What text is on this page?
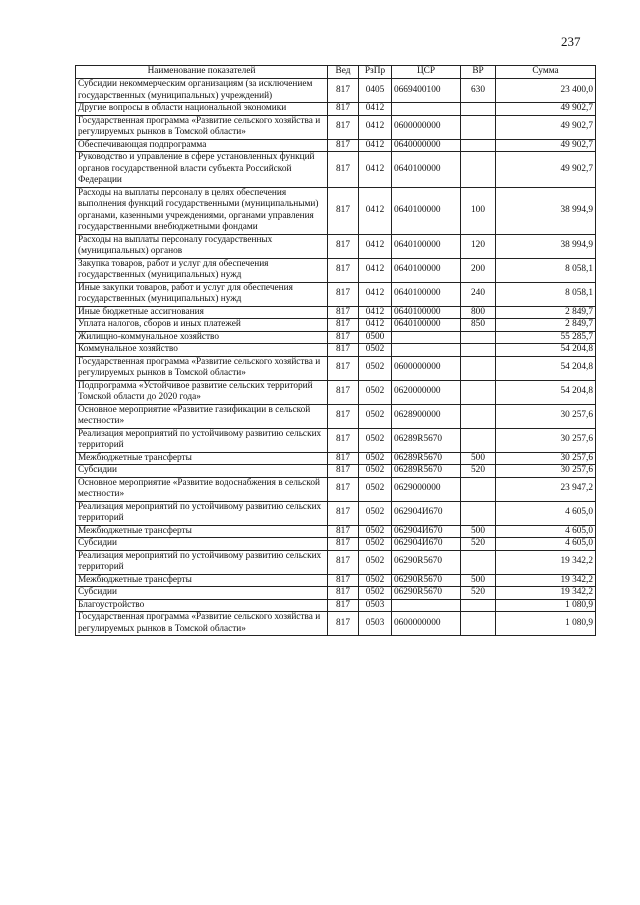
237
Наименование показателей	Вед	РзПр	ЦСР	ВР	Сумма
Субсидии некоммерческим организациям (за исключением государственных (муниципальных) учреждений)	817	0405	0669400100	630	23 400,0
Другие вопросы в области национальной экономики	817	0412			49 902,7
Государственная программа «Развитие сельского хозяйства и регулируемых рынков в Томской области»	817	0412	0600000000		49 902,7
Обеспечивающая подпрограмма	817	0412	0640000000		49 902,7
Руководство и управление в сфере установленных функций органов государственной власти субъекта Российской Федерации	817	0412	0640100000		49 902,7
Расходы на выплаты персоналу в целях обеспечения выполнения функций государственными (муниципальными) органами, казенными учреждениями, органами управления государственными внебюджетными фондами	817	0412	0640100000	100	38 994,9
Расходы на выплаты персоналу государственных (муниципальных) органов	817	0412	0640100000	120	38 994,9
Закупка товаров, работ и услуг для обеспечения государственных (муниципальных) нужд	817	0412	0640100000	200	8 058,1
Иные закупки товаров, работ и услуг для обеспечения государственных (муниципальных) нужд	817	0412	0640100000	240	8 058,1
Иные бюджетные ассигнования	817	0412	0640100000	800	2 849,7
Уплата налогов, сборов и иных платежей	817	0412	0640100000	850	2 849,7
Жилищно-коммунальное хозяйство	817	0500			55 285,7
Коммунальное хозяйство	817	0502			54 204,8
Государственная программа «Развитие сельского хозяйства и регулируемых рынков в Томской области»	817	0502	0600000000		54 204,8
Подпрограмма «Устойчивое развитие сельских территорий Томской области до 2020 года»	817	0502	0620000000		54 204,8
Основное мероприятие «Развитие газификации в сельской местности»	817	0502	0628900000		30 257,6
Реализация мероприятий по устойчивому развитию сельских территорий	817	0502	06289R5670		30 257,6
Межбюджетные трансферты	817	0502	06289R5670	500	30 257,6
Субсидии	817	0502	06289R5670	520	30 257,6
Основное мероприятие «Развитие водоснабжения в сельской местности»	817	0502	0629000000		23 947,2
Реализация мероприятий по устойчивому развитию сельских территорий	817	0502	062904И670		4 605,0
Межбюджетные трансферты	817	0502	062904И670	500	4 605,0
Субсидии	817	0502	062904И670	520	4 605,0
Реализация мероприятий по устойчивому развитию сельских территорий	817	0502	06290R5670		19 342,2
Межбюджетные трансферты	817	0502	06290R5670	500	19 342,2
Субсидии	817	0502	06290R5670	520	19 342,2
Благоустройство	817	0503			1 080,9
Государственная программа «Развитие сельского хозяйства и регулируемых рынков в Томской области»	817	0503	0600000000		1 080,9
